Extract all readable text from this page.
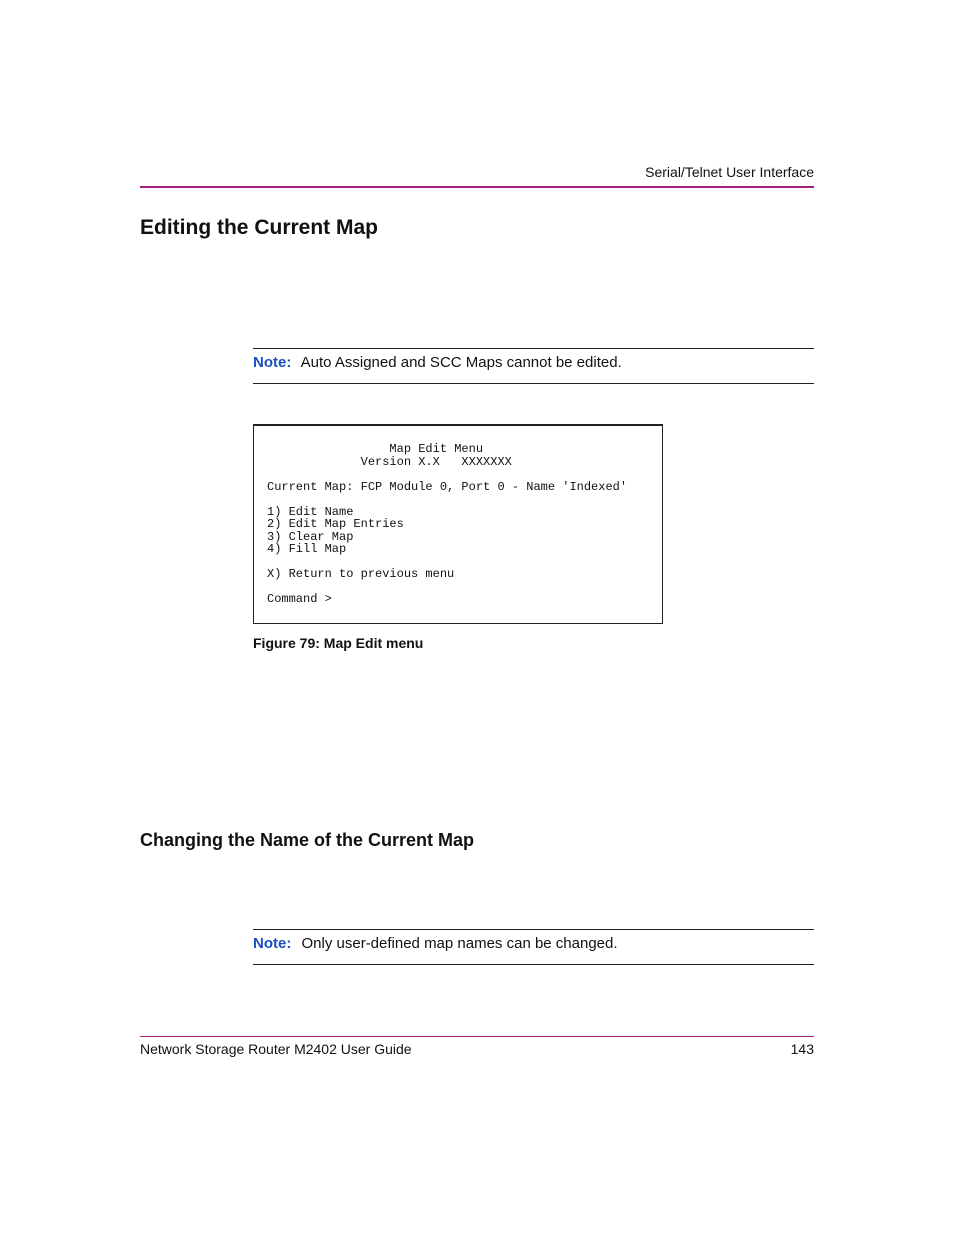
Serial/Telnet User Interface
Editing the Current Map
Note: Auto Assigned and SCC Maps cannot be edited.
Map Edit Menu
Version X.X   XXXXXXX
Current Map: FCP Module 0, Port 0 - Name 'Indexed'
1) Edit Name
2) Edit Map Entries
3) Clear Map
4) Fill Map
X) Return to previous menu
Command >
Figure 79: Map Edit menu
Changing the Name of the Current Map
Note: Only user-defined map names can be changed.
Network Storage Router M2402 User Guide	143
